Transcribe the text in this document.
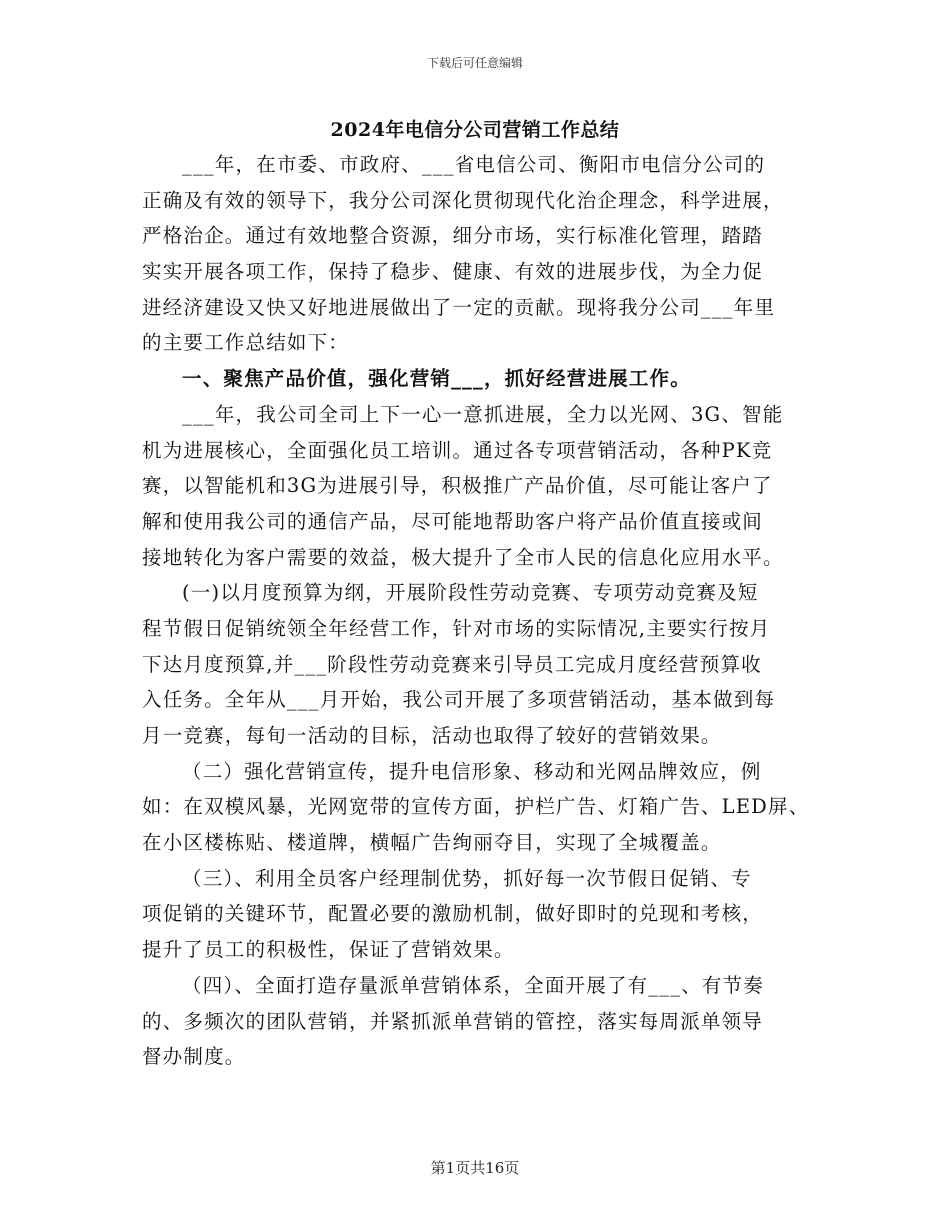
下载后可任意编辑
2024年电信分公司营销工作总结
___年，在市委、市政府、___省电信公司、衡阳市电信分公司的
正确及有效的领导下，我分公司深化贯彻现代化治企理念，科学进展，
严格治企。通过有效地整合资源，细分市场，实行标准化管理，踏踏
实实开展各项工作，保持了稳步、健康、有效的进展步伐，为全力促
进经济建设又快又好地进展做出了一定的贡献。现将我分公司___年里
的主要工作总结如下：
一、聚焦产品价值，强化营销___，抓好经营进展工作。
___年，我公司全司上下一心一意抓进展，全力以光网、3G、智能
机为进展核心，全面强化员工培训。通过各专项营销活动，各种PK竞
赛，以智能机和3G为进展引导，积极推广产品价值，尽可能让客户了
解和使用我公司的通信产品，尽可能地帮助客户将产品价值直接或间
接地转化为客户需要的效益，极大提升了全市人民的信息化应用水平。
(一)以月度预算为纲，开展阶段性劳动竞赛、专项劳动竞赛及短
程节假日促销统领全年经营工作，针对市场的实际情况,主要实行按月
下达月度预算,并___阶段性劳动竞赛来引导员工完成月度经营预算收
入任务。全年从___月开始，我公司开展了多项营销活动，基本做到每
月一竞赛，每旬一活动的目标，活动也取得了较好的营销效果。
（二）强化营销宣传，提升电信形象、移动和光网品牌效应，例
如：在双模风暴，光网宽带的宣传方面，护栏广告、灯箱广告、LED屏、
在小区楼栋贴、楼道牌，横幅广告绚丽夺目，实现了全城覆盖。
（三）、利用全员客户经理制优势，抓好每一次节假日促销、专
项促销的关键环节，配置必要的激励机制，做好即时的兑现和考核，
提升了员工的积极性，保证了营销效果。
（四）、全面打造存量派单营销体系，全面开展了有___、有节奏
的、多频次的团队营销，并紧抓派单营销的管控，落实每周派单领导
督办制度。
第1页共16页
